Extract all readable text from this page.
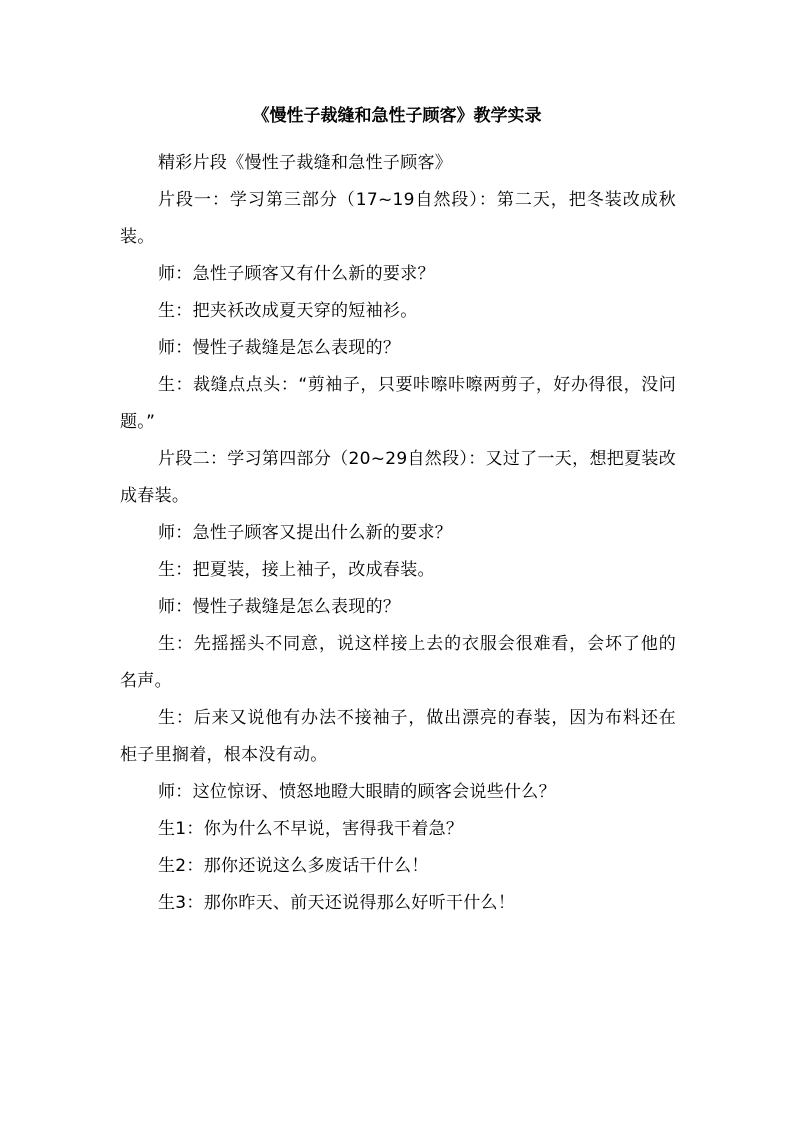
《慢性子裁缝和急性子顾客》教学实录

精彩片段《慢性子裁缝和急性子顾客》

片段一：学习第三部分（17~19自然段）：第二天，把冬装改成秋装。

师：急性子顾客又有什么新的要求？

生：把夹袄改成夏天穿的短袖衫。

师：慢性子裁缝是怎么表现的？

生：裁缝点点头：“剪袖子，只要咔嚓咔嚓两剪子，好办得很，没问题。”

片段二：学习第四部分（20~29自然段）：又过了一天，想把夏装改成春装。

师：急性子顾客又提出什么新的要求？

生：把夏装，接上袖子，改成春装。

师：慢性子裁缝是怎么表现的？

生：先摇摇头不同意，说这样接上去的衣服会很难看，会坏了他的名声。

生：后来又说他有办法不接袖子，做出漂亮的春装，因为布料还在柜子里搁着，根本没有动。

师：这位惊讶、愤怒地瞪大眼睛的顾客会说些什么？

生1：你为什么不早说，害得我干着急？

生2：那你还说这么多废话干什么！

生3：那你昨天、前天还说得那么好听干什么！
